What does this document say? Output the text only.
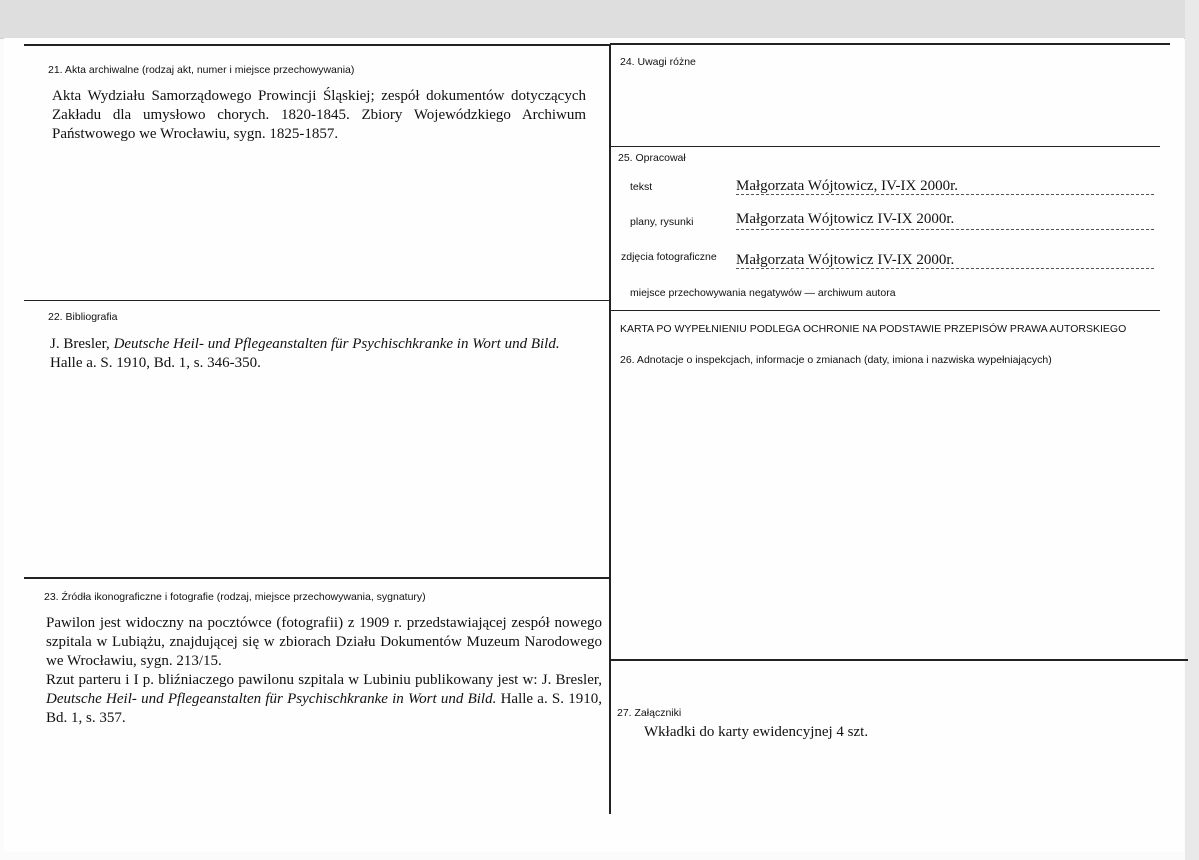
21. Akta archiwalne (rodzaj akt, numer i miejsce przechowywania)
Akta Wydziału Samorządowego Prowincji Śląskiej; zespół dokumentów dotyczących Zakładu dla umysłowo chorych. 1820-1845. Zbiory Wojewódzkiego Archiwum Państwowego we Wrocławiu, sygn. 1825-1857.
22. Bibliografia
J. Bresler, Deutsche Heil- und Pflegeanstalten für Psychischkranke in Wort und Bild.
Halle a. S. 1910, Bd. 1, s. 346-350.
23. Źródła ikonograficzne i fotografie (rodzaj, miejsce przechowywania, sygnatury)
Pawilon jest widoczny na pocztówce (fotografii) z 1909 r. przedstawiającej zespół nowego szpitala w Lubiążu, znajdującej się w zbiorach Działu Dokumentów Muzeum Narodowego we Wrocławiu, sygn. 213/15.
Rzut parteru i I p. bliźniaczego pawilonu szpitala w Lubiniu publikowany jest w: J. Bresler, Deutsche Heil- und Pflegeanstalten für Psychischkranke in Wort und Bild. Halle a. S. 1910, Bd. 1, s. 357.
24. Uwagi różne
25. Opracował
tekst	Małgorzata Wójtowicz, IV-IX 2000r.
plany, rysunki	Małgorzata Wójtowicz IV-IX 2000r.
zdjęcia fotograficzne Małgorzata Wójtowicz IV-IX 2000r.
miejsce przechowywania negatywów — archiwum autora
KARTA PO WYPEŁNIENIU PODLEGA OCHRONIE NA PODSTAWIE PRZEPISÓW PRAWA AUTORSKIEGO
26. Adnotacje o inspekcjach, informacje o zmianach (daty, imiona i nazwiska wypełniających)
27. Załączniki
Wkładki do karty ewidencyjnej 4 szt.
